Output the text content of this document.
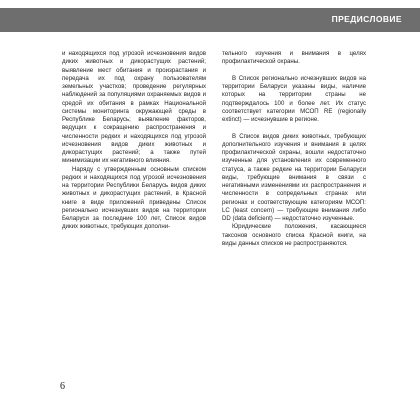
ПРЕДИСЛОВИЕ

и находящихся под угрозой исчезновения видов диких животных и дикорастущих растений; выявление мест обитания и произрастания и передача их под охрану пользователям земельных участков; проведение регулярных наблюдений за популяциями охраняемых видов и средой их обитания в рамках Национальной системы мониторинга окружающей среды в Республике Беларусь; выявление факторов, ведущих к сокращению распространения и численности редких и находящихся под угрозой исчезновения видов диких животных и дикорастущих растений; а также путей минимизации их негативного влияния.

Наряду с утвержденным основным списком редких и находящихся под угрозой исчезновения на территории Республики Беларусь видов диких животных и дикорастущих растений, в Красной книге в виде приложений приведены Список регионально исчезнувших видов на территории Беларуси за последние 100 лет, Список видов диких животных, требующих дополни-

тельного изучения и внимания в целях профилактической охраны.

В Список регионально исчезнувших видов на территории Беларуси указаны виды, наличие которых на территории страны не подтверждалось 100 и более лет. Их статус соответствует категории МСОП RE (regionally extinct) — исчезнувшие в регионе.

В Список видов диких животных, требующих дополнительного изучения и внимания в целях профилактической охраны, вошли недостаточно изученные для установления их современного статуса, а также редкие на территории Беларуси виды, требующие внимания в связи с негативными изменениями их распространения и численности в сопредельных странах или регионах и соответствующие категориям МСОП: LC (least concern) — требующие внимания либо DD (data deficient) — недостаточно изученные.

Юридические положения, касающиеся таксонов основного списка Красной книги, на виды данных списков не распространяются.

6
